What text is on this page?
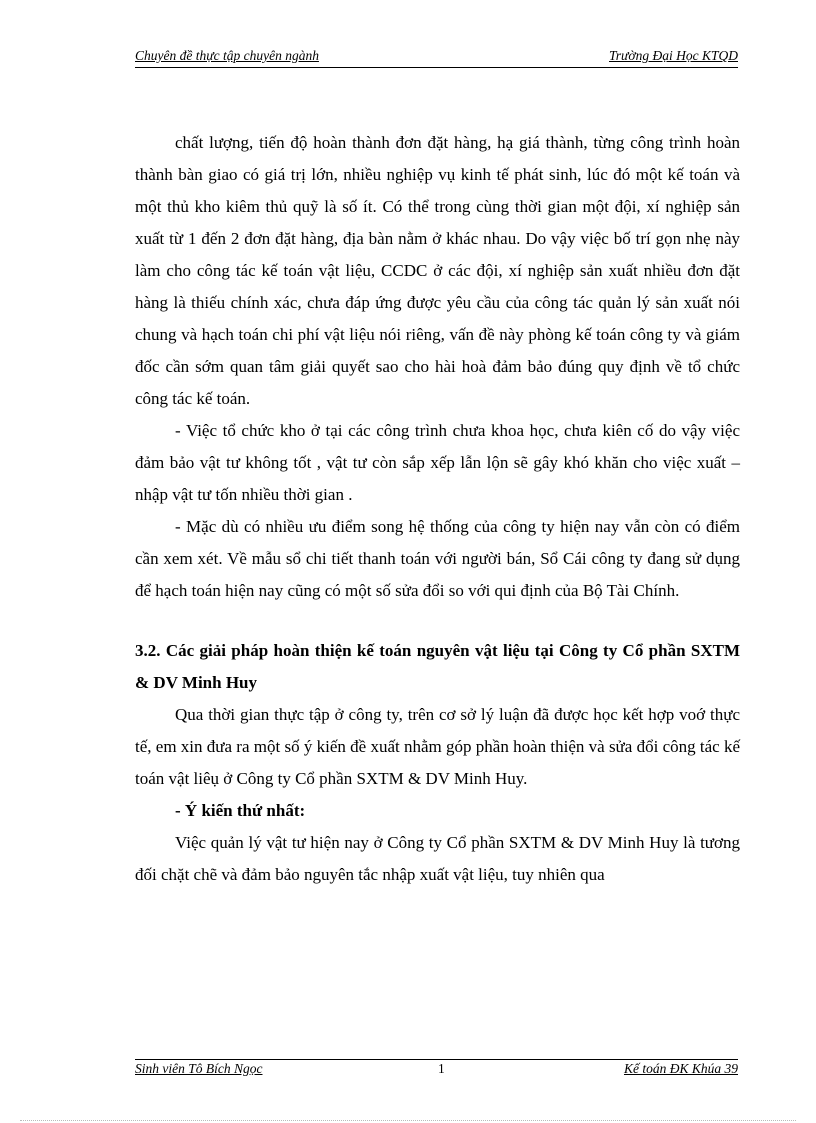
Chuyên đề thực tập chuyên ngành	Trường Đại Học KTQD

chất lượng, tiến độ hoàn thành đơn đặt hàng, hạ giá thành, từng công trình hoàn thành bàn giao có giá trị lớn, nhiều nghiệp vụ kinh tế phát sinh, lúc đó một kế toán và một thủ kho kiêm thủ quỹ là số ít. Có thể trong cùng thời gian một đội, xí nghiệp sản xuất từ 1 đến 2 đơn đặt hàng, địa bàn nằm ở khác nhau. Do vậy việc bố trí gọn nhẹ này làm cho công tác kế toán vật liệu, CCDC ở các đội, xí nghiệp sản xuất nhiều đơn đặt hàng là thiếu chính xác, chưa đáp ứng được yêu cầu của công tác quản lý sản xuất nói chung và hạch toán chi phí vật liệu nói riêng, vấn đề này phòng kế toán công ty và giám đốc cần sớm quan tâm giải quyết sao cho hài hoà đảm bảo đúng quy định về tổ chức công tác kế toán.

- Việc tổ chức kho ở tại các công trình chưa khoa học, chưa kiên cố do vậy việc đảm bảo vật tư không tốt , vật tư còn sắp xếp lẫn lộn sẽ gây khó khăn cho việc xuất – nhập vật tư tốn nhiều thời gian .

- Mặc dù có nhiều ưu điểm song hệ thống của công ty hiện nay vẫn còn có điểm cần xem xét. Về mẫu sổ chi tiết thanh toán với người bán, Sổ Cái công ty đang sử dụng để hạch toán hiện nay cũng có một số sửa đổi so với qui định của Bộ Tài Chính.

3.2. Các giải pháp hoàn thiện kế toán nguyên vật liệu tại Công ty Cổ phần SXTM & DV Minh Huy

Qua thời gian thực tập ở công ty, trên cơ sở lý luận đã được học kết hợp voớ thực tế, em xin đưa ra một số ý kiến đề xuất nhằm góp phần hoàn thiện và sửa đổi công tác kế toán vật liêụ ở Công ty Cổ phần SXTM & DV Minh Huy.

- Ý kiến thứ nhất:

Việc quản lý vật tư hiện nay ở Công ty Cổ phần SXTM & DV Minh Huy là tương đối chặt chẽ và đảm bảo nguyên tắc nhập xuất vật liệu, tuy nhiên qua

Sinh viên Tô Bích Ngọc	1	Kế toán ĐK Khúa 39
